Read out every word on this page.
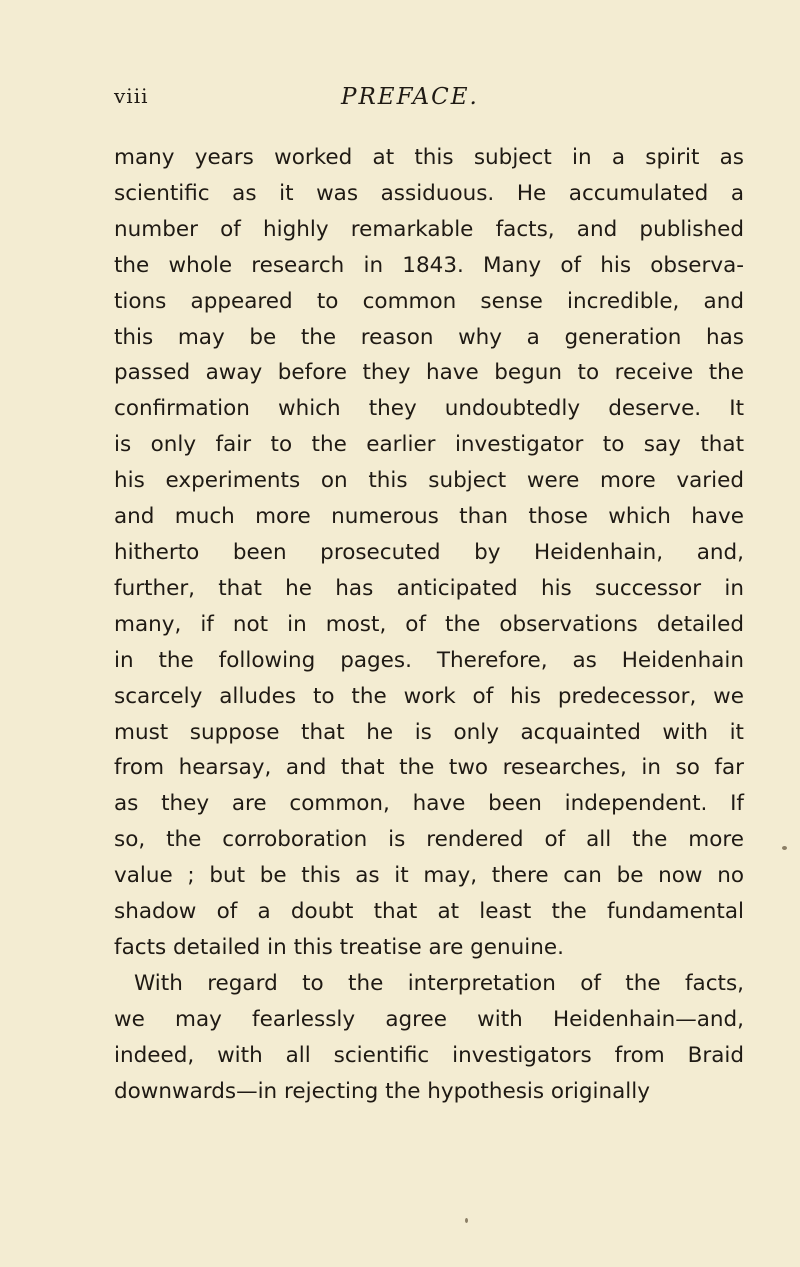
viii	PREFACE.
many years worked at this subject in a spirit as
scientific as it was assiduous. He accumulated a
number of highly remarkable facts, and published
the whole research in 1843. Many of his observa-
tions appeared to common sense incredible, and
this may be the reason why a generation has
passed away before they have begun to receive the
confirmation which they undoubtedly deserve. It
is only fair to the earlier investigator to say that
his experiments on this subject were more varied
and much more numerous than those which have
hitherto been prosecuted by Heidenhain, and,
further, that he has anticipated his successor in
many, if not in most, of the observations detailed
in the following pages. Therefore, as Heidenhain
scarcely alludes to the work of his predecessor, we
must suppose that he is only acquainted with it
from hearsay, and that the two researches, in so far
as they are common, have been independent. If
so, the corroboration is rendered of all the more
value ; but be this as it may, there can be now no
shadow of a doubt that at least the fundamental
facts detailed in this treatise are genuine.
With regard to the interpretation of the facts,
we may fearlessly agree with Heidenhain—and,
indeed, with all scientific investigators from Braid
downwards—in rejecting the hypothesis originally
